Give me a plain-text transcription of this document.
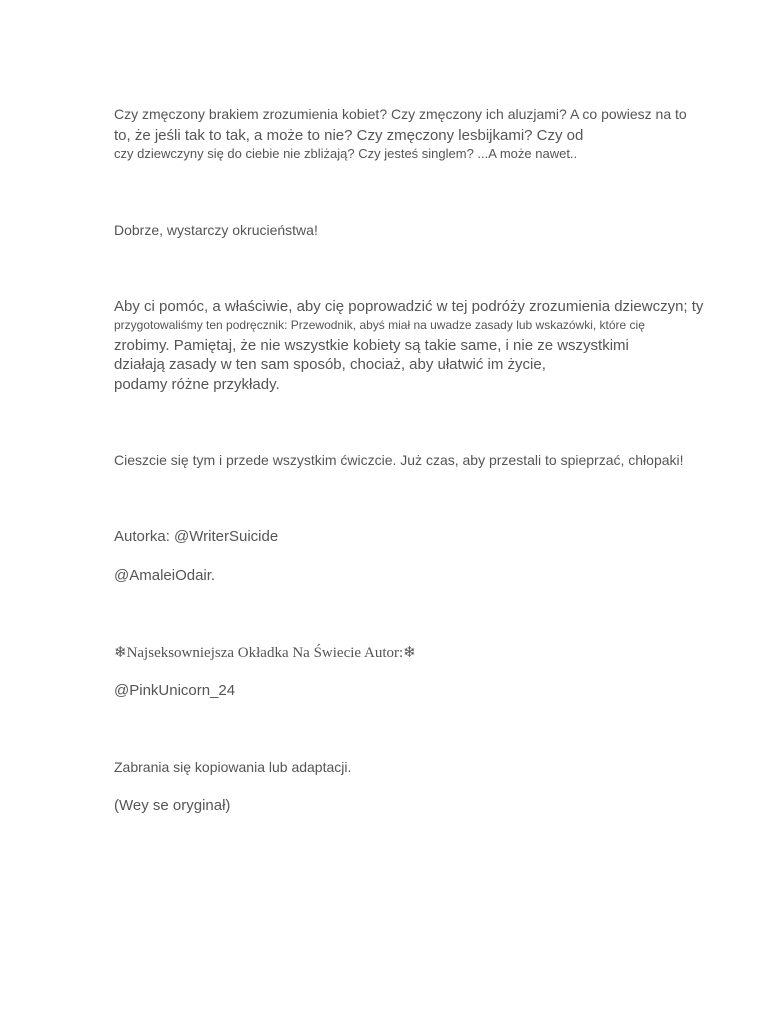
Czy zmęczony brakiem zrozumienia kobiet? Czy zmęczony ich aluzjami? A co powiesz na to

to, że jeśli tak to tak, a może to nie? Czy zmęczony lesbijkami? Czy od

czy dziewczyny się do ciebie nie zbliżają? Czy jesteś singlem? ...A może nawet..

Dobrze, wystarczy okrucieństwa!

Aby ci pomóc, a właściwie, aby cię poprowadzić w tej podróży zrozumienia dziewczyn; ty

przygotowaliśmy ten podręcznik: Przewodnik, abyś miał na uwadze zasady lub wskazówki, które cię

zrobimy. Pamiętaj, że nie wszystkie kobiety są takie same, i nie ze wszystkimi

działają zasady w ten sam sposób, chociaż, aby ułatwić im życie,

podamy różne przykłady.

Cieszcie się tym i przede wszystkim ćwiczcie. Już czas, aby przestali to spieprzać, chłopaki!

Autorka: @WriterSuicide

@AmaleiOdair.

❄Najseksowniejsza Okładka Na Świecie Autor:❄

@PinkUnicorn_24

Zabrania się kopiowania lub adaptacji.

(Wey se oryginał)
